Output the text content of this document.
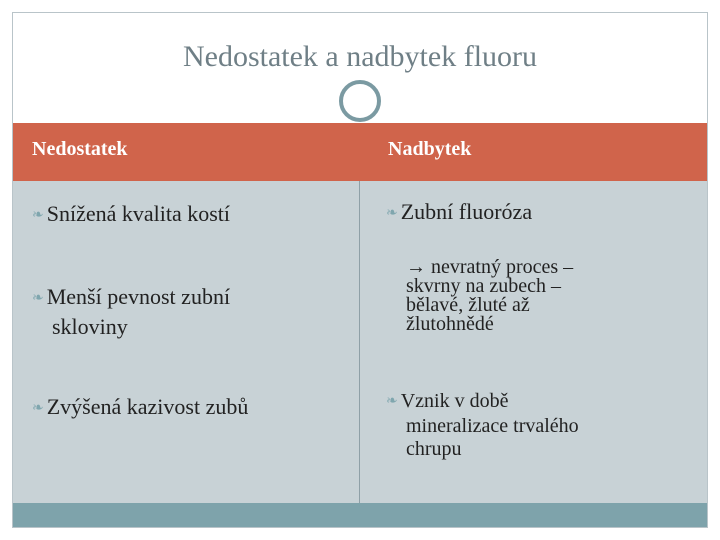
Nedostatek a nadbytek fluoru
Nedostatek	Nadbytek
❧ Snížená kvalita kostí
❧ Menší pevnost zubní
skloviny
❧ Zvýšená kazivost zubů
❧ Zubní fluoróza
→ nevratný proces –
skvrny na zubech –
bělavé, žluté až
žlutohnědé
❧ Vznik v době
mineralizace trvalého
chrupu
